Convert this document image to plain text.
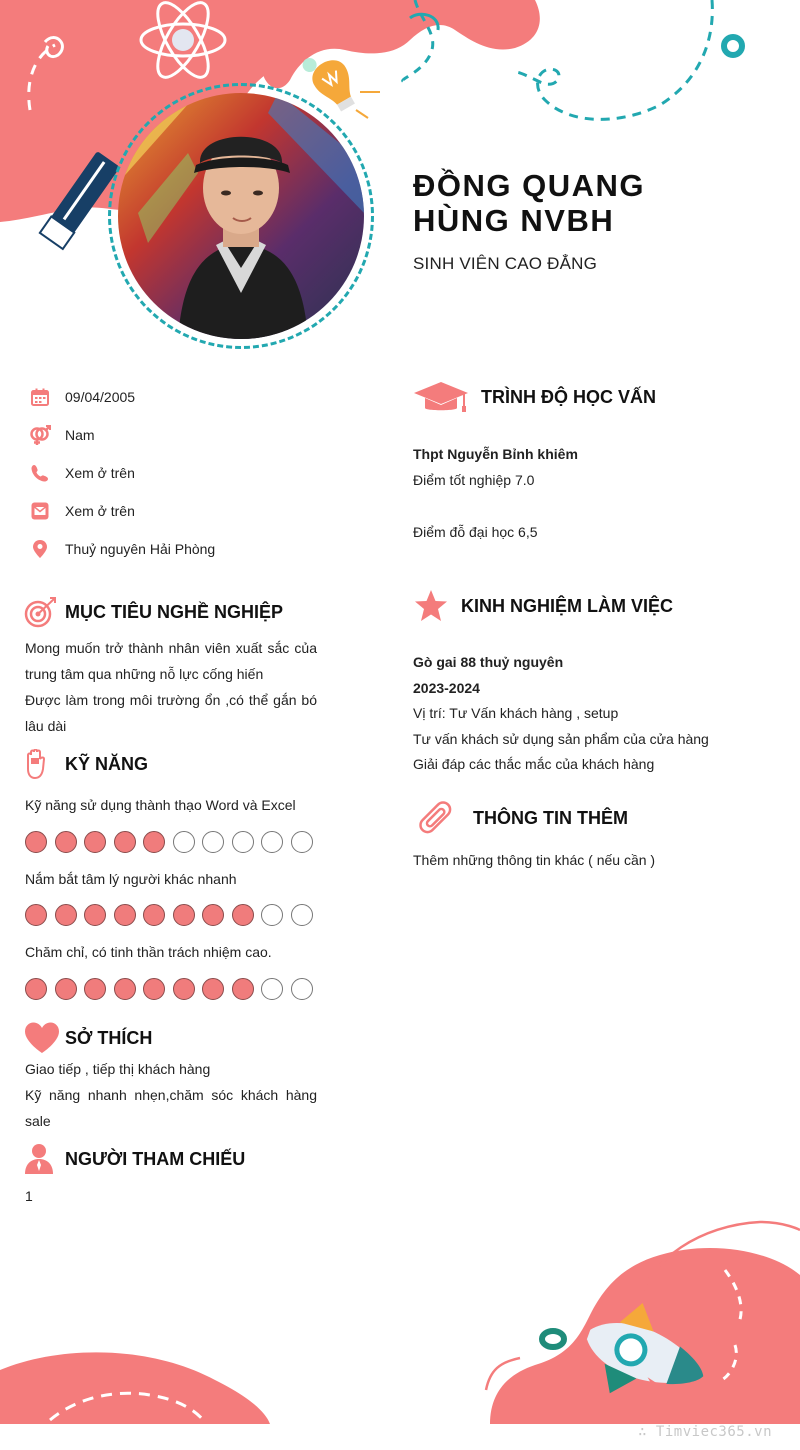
ĐỒNG QUANG
HÙNG NVBH
SINH VIÊN CAO ĐẲNG
09/04/2005
Nam
Xem ở trên
Xem ở trên
Thuỷ nguyên Hải Phòng
MỤC TIÊU NGHỀ NGHIỆP
Mong muốn trở thành nhân viên xuất sắc của trung tâm qua những nỗ lực cống hiến
Được làm trong môi trường ổn ,có thể gắn bó lâu dài
KỸ NĂNG
Kỹ năng sử dụng thành thạo Word và Excel
Nắm bắt tâm lý người khác nhanh
Chăm chỉ, có tinh thần trách nhiệm cao.
SỞ THÍCH
Giao tiếp , tiếp thị khách hàng
Kỹ năng nhanh nhẹn,chăm sóc khách hàng sale
NGƯỜI THAM CHIẾU
1
TRÌNH ĐỘ HỌC VẤN
Thpt Nguyễn Bỉnh khiêm
Điểm tốt nghiệp 7.0
Điểm đỗ đại học 6,5
KINH NGHIỆM LÀM VIỆC
Gò gai 88 thuỷ nguyên
2023-2024
Vị trí: Tư Vấn khách hàng , setup
Tư vấn khách sử dụng sản phẩm của cửa hàng
Giải đáp các thắc mắc của khách hàng
THÔNG TIN THÊM
Thêm những thông tin khác ( nếu cần )
∴ Timviec365.vn
